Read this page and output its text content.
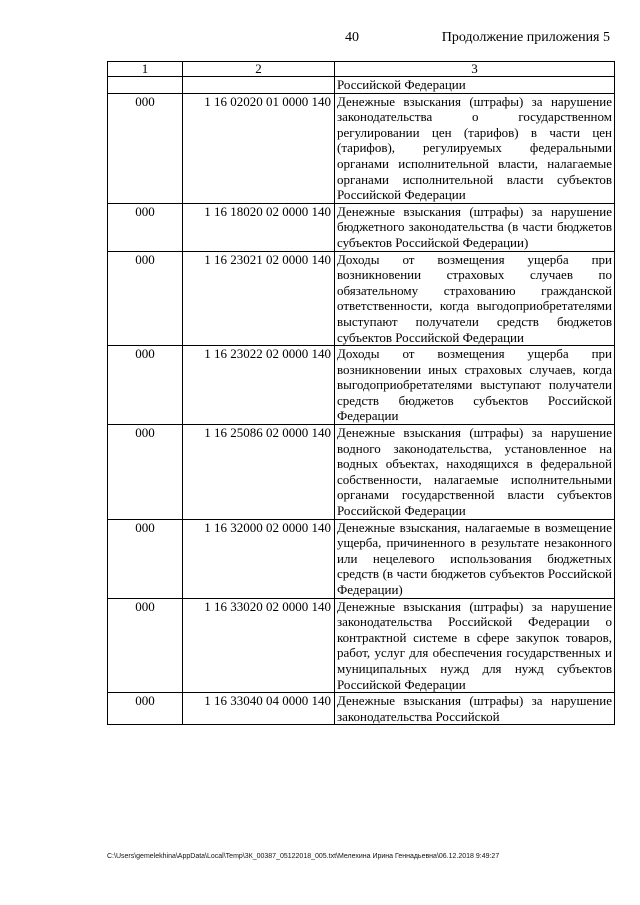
40	Продолжение приложения 5
1	2	3
		Российской Федерации
000	1 16 02020 01 0000 140	Денежные взыскания (штрафы) за нарушение законодательства о государственном регулировании цен (тарифов) в части цен (тарифов), регулируемых федеральными органами исполнительной власти, налагаемые органами исполнительной власти субъектов Российской Федерации
000	1 16 18020 02 0000 140	Денежные взыскания (штрафы) за нарушение бюджетного законодательства (в части бюджетов субъектов Российской Федерации)
000	1 16 23021 02 0000 140	Доходы от возмещения ущерба при возникновении страховых случаев по обязательному страхованию гражданской ответственности, когда выгодоприобретателями выступают получатели средств бюджетов субъектов Российской Федерации
000	1 16 23022 02 0000 140	Доходы от возмещения ущерба при возникновении иных страховых случаев, когда выгодоприобретателями выступают получатели средств бюджетов субъектов Российской Федерации
000	1 16 25086 02 0000 140	Денежные взыскания (штрафы) за нарушение водного законодательства, установленное на водных объектах, находящихся в федеральной собственности, налагаемые исполнительными органами государственной власти субъектов Российской Федерации
000	1 16 32000 02 0000 140	Денежные взыскания, налагаемые в возмещение ущерба, причиненного в результате незаконного или нецелевого использования бюджетных средств (в части бюджетов субъектов Российской Федерации)
000	1 16 33020 02 0000 140	Денежные взыскания (штрафы) за нарушение законодательства Российской Федерации о контрактной системе в сфере закупок товаров, работ, услуг для обеспечения государственных и муниципальных нужд для нужд субъектов Российской Федерации
000	1 16 33040 04 0000 140	Денежные взыскания (штрафы) за нарушение законодательства Российской
C:\Users\gemelekhina\AppData\Local\Temp\3К_00387_05122018_005.txt\Мелехина Ирина Геннадьевна\06.12.2018 9:49:27
